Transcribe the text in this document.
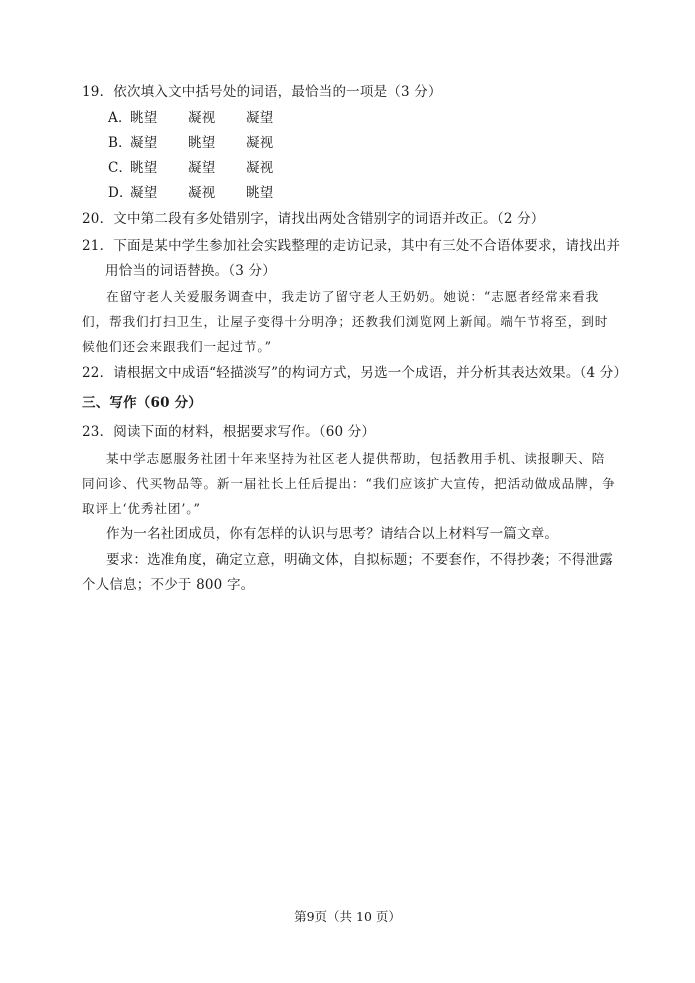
19．依次填入文中括号处的词语，最恰当的一项是（3 分）
A．眺望 凝视 凝望
B．凝望 眺望 凝视
C．眺望 凝望 凝视
D．凝望 凝视 眺望
20．文中第二段有多处错别字，请找出两处含错别字的词语并改正。（2 分）
21．下面是某中学生参加社会实践整理的走访记录，其中有三处不合语体要求，请找出并
用恰当的词语替换。（3 分）
在留守老人关爱服务调查中，我走访了留守老人王奶奶。她说：“志愿者经常来看我
们，帮我们打扫卫生，让屋子变得十分明净；还教我们浏览网上新闻。端午节将至，到时
候他们还会来跟我们一起过节。”
22．请根据文中成语“轻描淡写”的构词方式，另选一个成语，并分析其表达效果。（4 分）
三、写作（60 分）
23．阅读下面的材料，根据要求写作。（60 分）
某中学志愿服务社团十年来坚持为社区老人提供帮助，包括教用手机、读报聊天、陪
同问诊、代买物品等。新一届社长上任后提出：“我们应该扩大宣传，把活动做成品牌，争
取评上‘优秀社团’。”
作为一名社团成员，你有怎样的认识与思考？请结合以上材料写一篇文章。
要求：选准角度，确定立意，明确文体，自拟标题；不要套作，不得抄袭；不得泄露
个人信息；不少于 800 字。
第9页（共 10 页）
